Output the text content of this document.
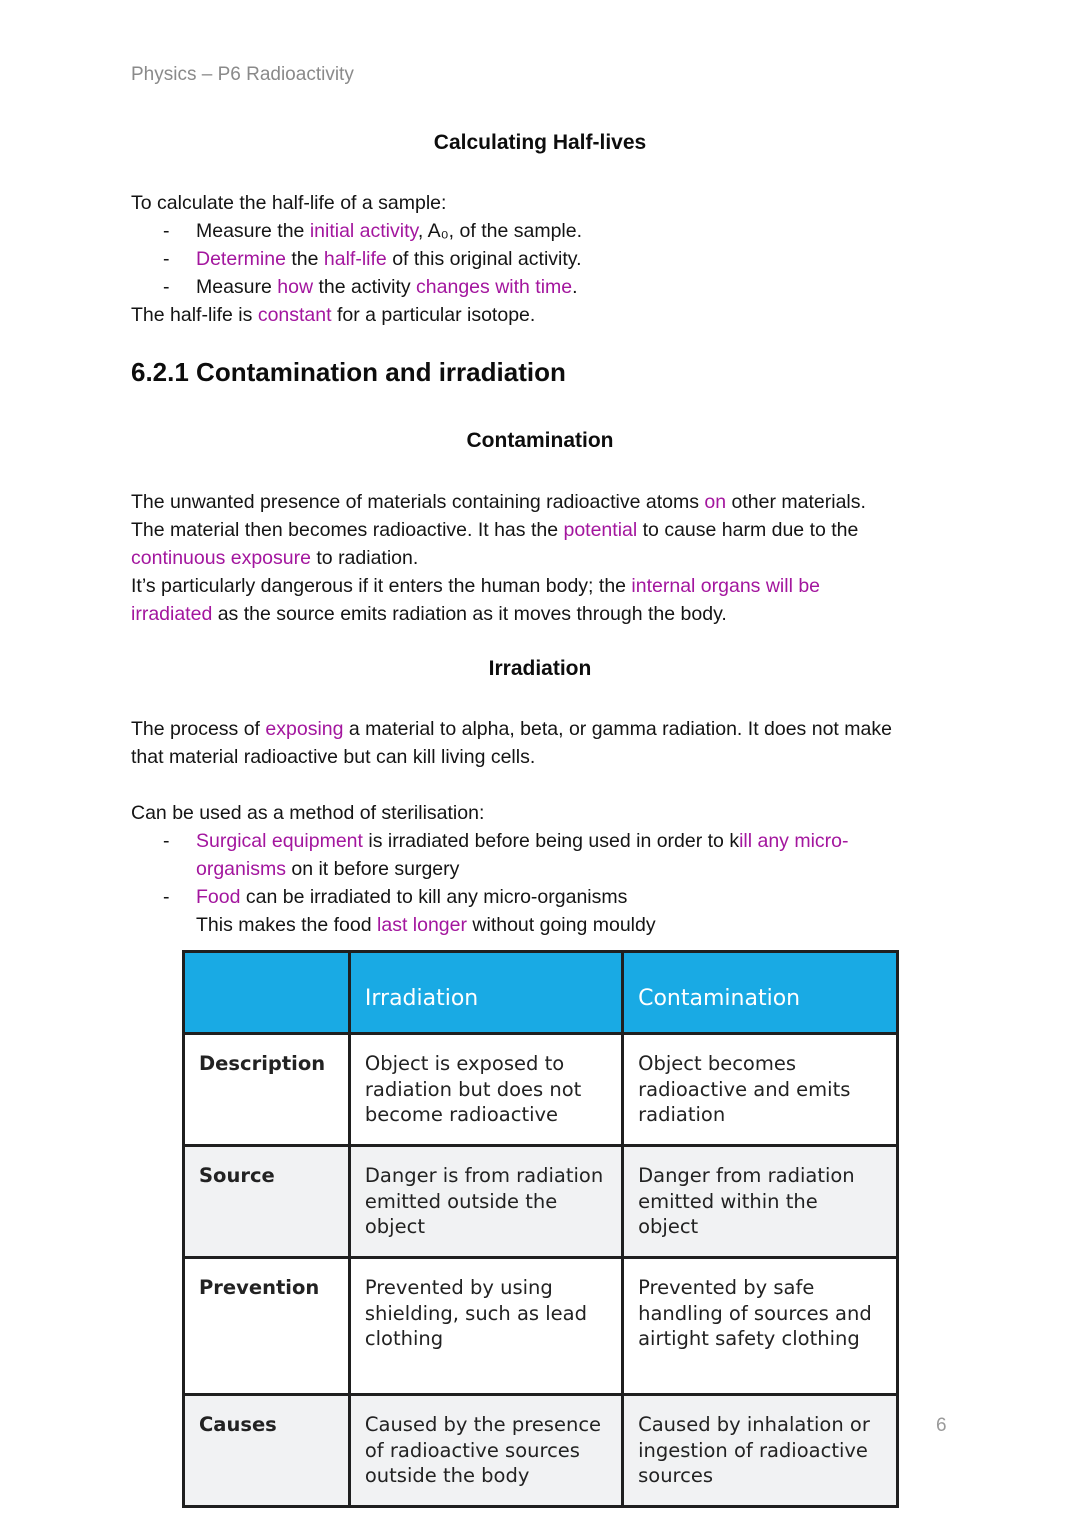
Physics – P6 Radioactivity
Calculating Half-lives
To calculate the half-life of a sample:
- Measure the initial activity, A₀, of the sample.
- Determine the half-life of this original activity.
- Measure how the activity changes with time.
The half-life is constant for a particular isotope.
6.2.1 Contamination and irradiation
Contamination
The unwanted presence of materials containing radioactive atoms on other materials.
The material then becomes radioactive. It has the potential to cause harm due to the
continuous exposure to radiation.
It’s particularly dangerous if it enters the human body; the internal organs will be
irradiated as the source emits radiation as it moves through the body.
Irradiation
The process of exposing a material to alpha, beta, or gamma radiation. It does not make
that material radioactive but can kill living cells.
Can be used as a method of sterilisation:
- Surgical equipment is irradiated before being used in order to kill any micro-
organisms on it before surgery
- Food can be irradiated to kill any micro-organisms
This makes the food last longer without going mouldy
	Irradiation	Contamination
Description	Object is exposed to radiation but does not become radioactive	Object becomes radioactive and emits radiation
Source	Danger is from radiation emitted outside the object	Danger from radiation emitted within the object
Prevention	Prevented by using shielding, such as lead clothing	Prevented by safe handling of sources and airtight safety clothing
Causes	Caused by the presence of radioactive sources outside the body	Caused by inhalation or ingestion of radioactive sources
6
